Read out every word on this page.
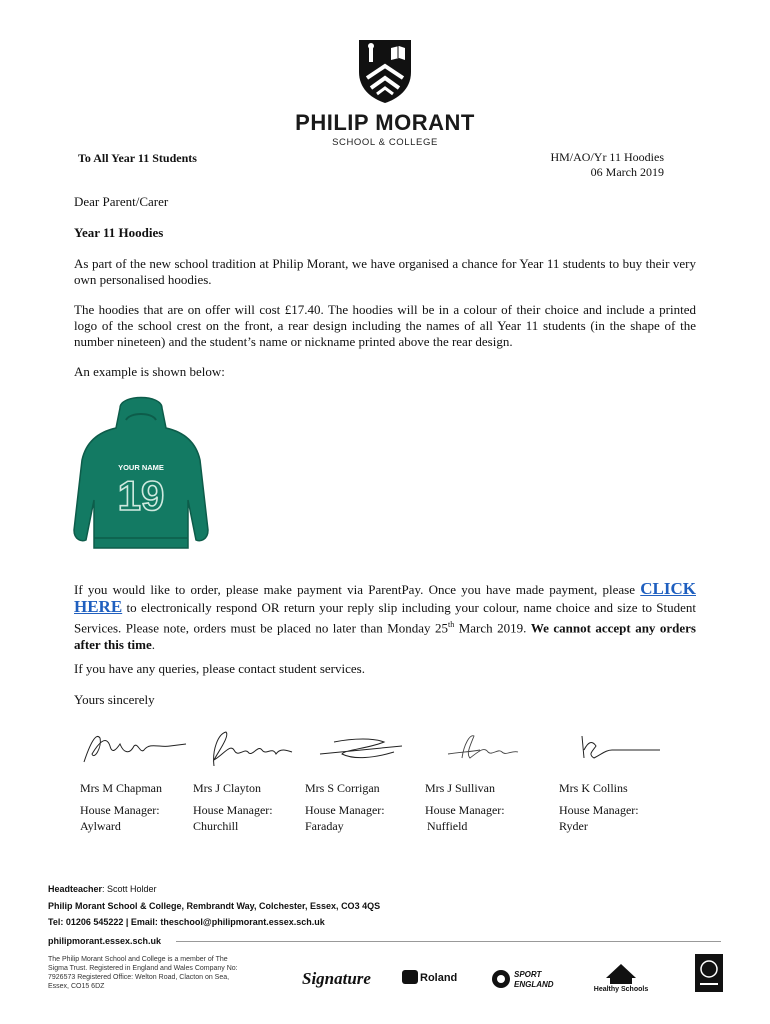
PHILIP MORANT
SCHOOL & COLLEGE
To All Year 11 Students	HM/AO/Yr 11 Hoodies
06 March 2019
Dear Parent/Carer
Year 11 Hoodies
As part of the new school tradition at Philip Morant, we have organised a chance for Year 11 students to buy their very own personalised hoodies.
The hoodies that are on offer will cost £17.40. The hoodies will be in a colour of their choice and include a printed logo of the school crest on the front, a rear design including the names of all Year 11 students (in the shape of the number nineteen) and the student’s name or nickname printed above the rear design.
An example is shown below:
YOUR NAME
19
If you would like to order, please make payment via ParentPay. Once you have made payment, please CLICK HERE to electronically respond OR return your reply slip including your colour, name choice and size to Student Services. Please note, orders must be placed no later than Monday 25th March 2019. We cannot accept any orders after this time.
If you have any queries, please contact student services.
Yours sincerely
Mrs M Chapman
House Manager:
Aylward
Mrs J Clayton
House Manager:
Churchill
Mrs S Corrigan
House Manager:
Faraday
Mrs J Sullivan
House Manager:
Nuffield
Mrs K Collins
House Manager:
Ryder
Headteacher: Scott Holder
Philip Morant School & College, Rembrandt Way, Colchester, Essex, CO3 4QS
Tel: 01206 545222 | Email: theschool@philipmorant.essex.sch.uk
philipmorant.essex.sch.uk
The Philip Morant School and College is a member of The Sigma Trust. Registered in England and Wales Company No: 7926573 Registered Office: Welton Road, Clacton on Sea, Essex, CO15 6DZ	Signature	Roland	SPORT
ENGLAND
Healthy Schools
